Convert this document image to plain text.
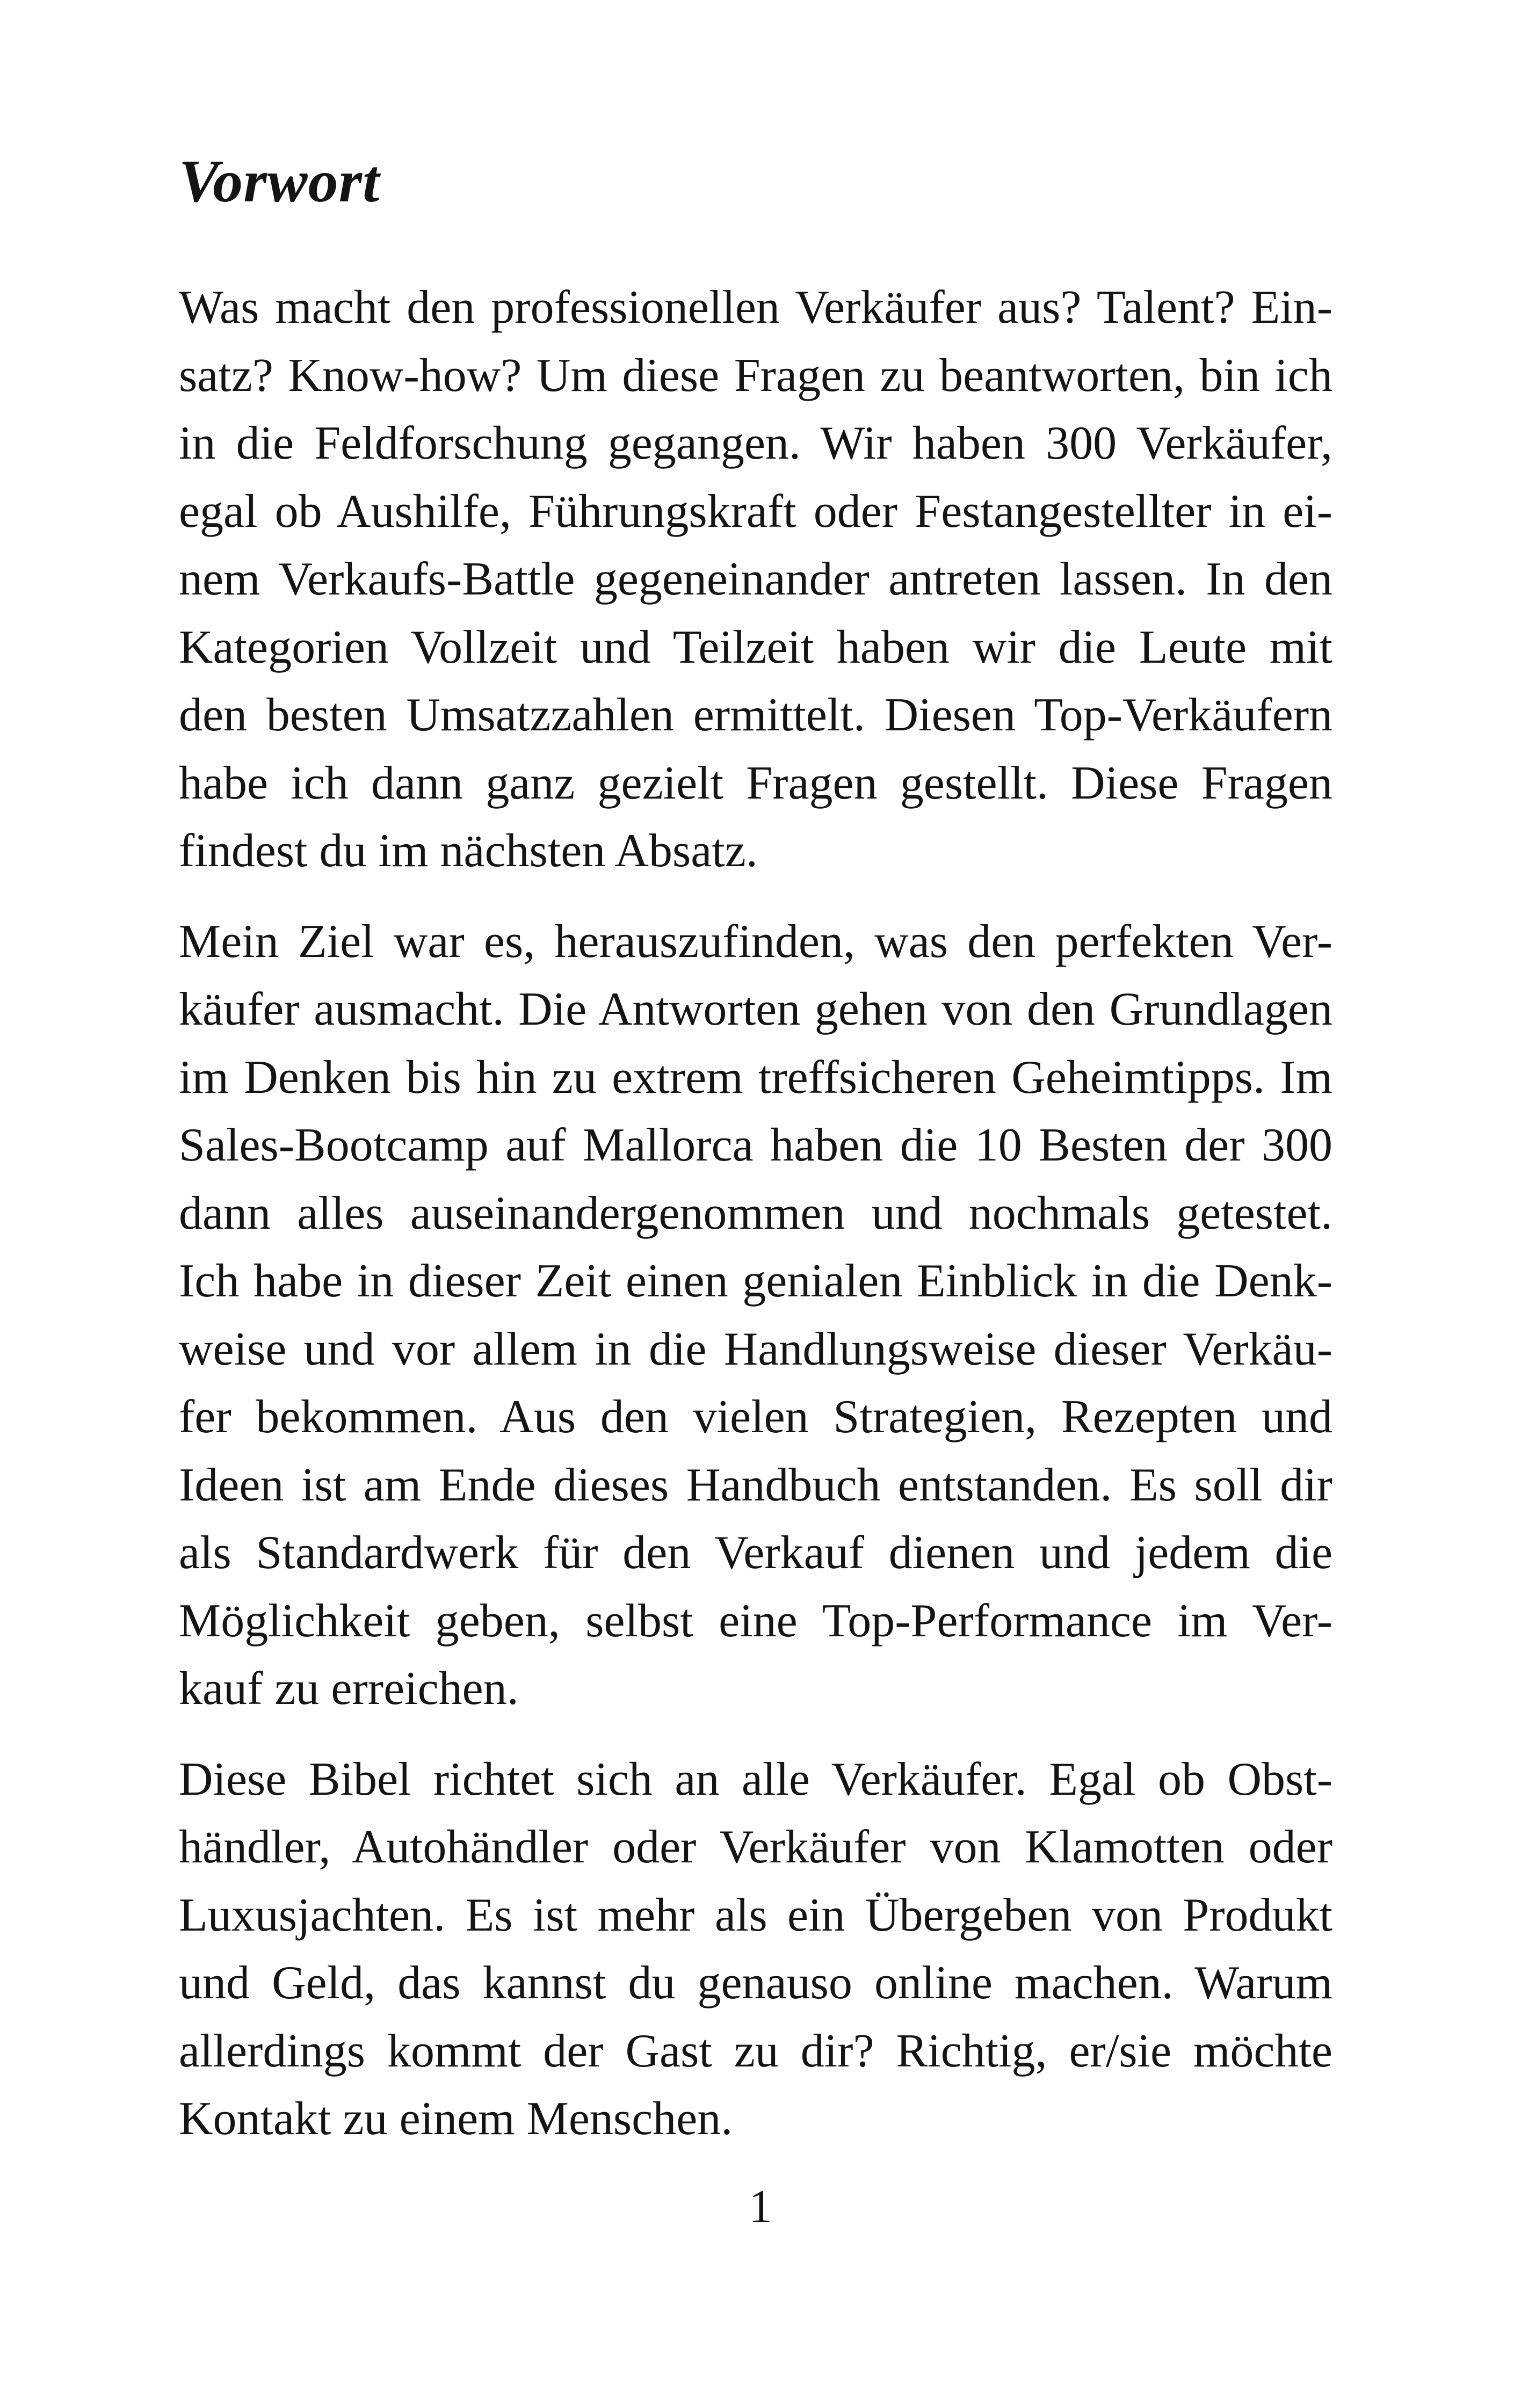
Vorwort

Was macht den professionellen Verkäufer aus? Talent? Ein-
satz? Know-how? Um diese Fragen zu beantworten, bin ich
in die Feldforschung gegangen. Wir haben 300 Verkäufer,
egal ob Aushilfe, Führungskraft oder Festangestellter in ei-
nem Verkaufs-Battle gegeneinander antreten lassen. In den
Kategorien Vollzeit und Teilzeit haben wir die Leute mit
den besten Umsatzzahlen ermittelt. Diesen Top-Verkäufern
habe ich dann ganz gezielt Fragen gestellt. Diese Fragen
findest du im nächsten Absatz.

Mein Ziel war es, herauszufinden, was den perfekten Ver-
käufer ausmacht. Die Antworten gehen von den Grundlagen
im Denken bis hin zu extrem treffsicheren Geheimtipps. Im
Sales-Bootcamp auf Mallorca haben die 10 Besten der 300
dann alles auseinandergenommen und nochmals getestet.
Ich habe in dieser Zeit einen genialen Einblick in die Denk-
weise und vor allem in die Handlungsweise dieser Verkäu-
fer bekommen. Aus den vielen Strategien, Rezepten und
Ideen ist am Ende dieses Handbuch entstanden. Es soll dir
als Standardwerk für den Verkauf dienen und jedem die
Möglichkeit geben, selbst eine Top-Performance im Ver-
kauf zu erreichen.

Diese Bibel richtet sich an alle Verkäufer. Egal ob Obst-
händler, Autohändler oder Verkäufer von Klamotten oder
Luxusjachten. Es ist mehr als ein Übergeben von Produkt
und Geld, das kannst du genauso online machen. Warum
allerdings kommt der Gast zu dir? Richtig, er/sie möchte
Kontakt zu einem Menschen.

1
